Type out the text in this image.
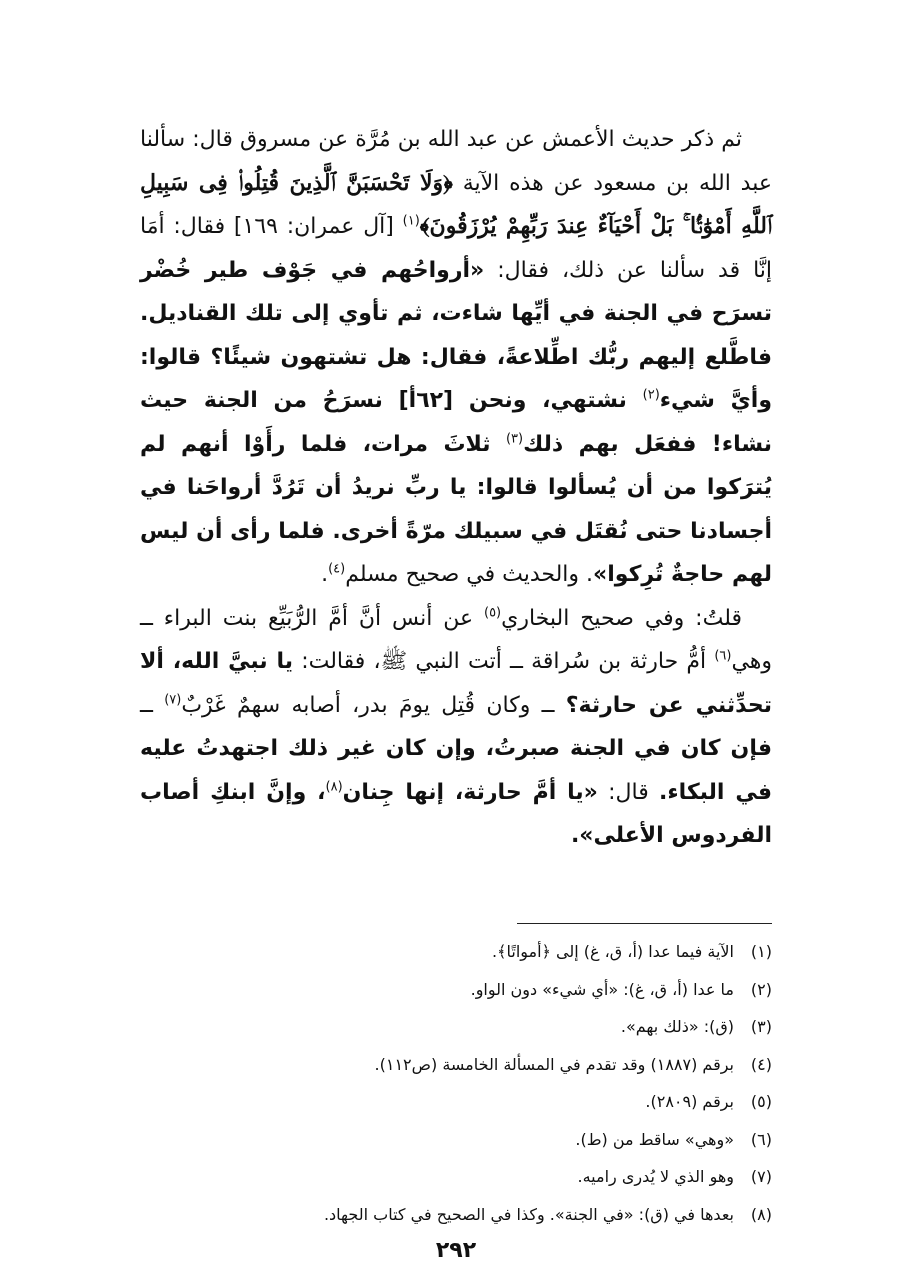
ثم ذكر حديث الأعمش عن عبد الله بن مُرَّة عن مسروق قال: سألنا عبد الله بن مسعود عن هذه الآية ﴿وَلَا تَحْسَبَنَّ ٱلَّذِينَ قُتِلُوا۟ فِى سَبِيلِ ٱللَّهِ أَمْوَٰتًۢا ۚ بَلْ أَحْيَآءٌ عِندَ رَبِّهِمْ يُرْزَقُونَ﴾$^{(١)}$ [آل عمران: ١٦٩] فقال: أمَا إنَّا قد سألنا عن ذلك، فقال: «أرواحُهم في جَوْف طير خُضْر تسرَح في الجنة في أيِّها شاءت، ثم تأوي إلى تلك القناديل. فاطَّلع إليهم ربُّك اطِّلاعةً، فقال: هل تشتهون شيئًا؟ قالوا: وأيَّ شيء$^{(٢)}$ نشتهي، ونحن [٦٢أ] نسرَحُ من الجنة حيث نشاء! ففعَل بهم ذلك$^{(٣)}$ ثلاثَ مرات، فلما رأَوْا أنهم لم يُترَكوا من أن يُسألوا قالوا: يا ربِّ نريدُ أن تَرُدَّ أرواحَنا في أجسادنا حتى نُقتَل في سبيلك مرّةً أخرى. فلما رأى أن ليس لهم حاجةٌ تُرِكوا». والحديث في صحيح مسلم$^{(٤)}$.

قلتُ: وفي صحيح البخاري$^{(٥)}$ عن أنس أنَّ أمَّ الرُّبَيِّع بنت البراء ــ وهي$^{(٦)}$ أمُّ حارثة بن سُراقة ــ أتت النبي ﷺ، فقالت: يا نبيَّ الله، ألا تحدِّثني عن حارثة؟ ــ وكان قُتِل يومَ بدر، أصابه سهمٌ غَرْبٌ$^{(٧)}$ ــ فإن كان في الجنة صبرتُ، وإن كان غير ذلك اجتهدتُ عليه في البكاء. قال: «يا أمَّ حارثة، إنها جِنان$^{(٨)}$، وإنَّ ابنكِ أصاب الفردوس الأعلى».

(١)
الآية فيما عدا (أ، ق، غ) إلى ﴿أمواتًا﴾.
(٢)
ما عدا (أ، ق، غ): «أي شيء» دون الواو.
(٣)
(ق): «ذلك بهم».
(٤)
برقم (١٨٨٧) وقد تقدم في المسألة الخامسة (ص١١٢).
(٥)
برقم (٢٨٠٩).
(٦)
«وهي» ساقط من (ط).
(٧)
وهو الذي لا يُدرى راميه.
(٨)
بعدها في (ق): «في الجنة». وكذا في الصحيح في كتاب الجهاد.
٢٩٢
